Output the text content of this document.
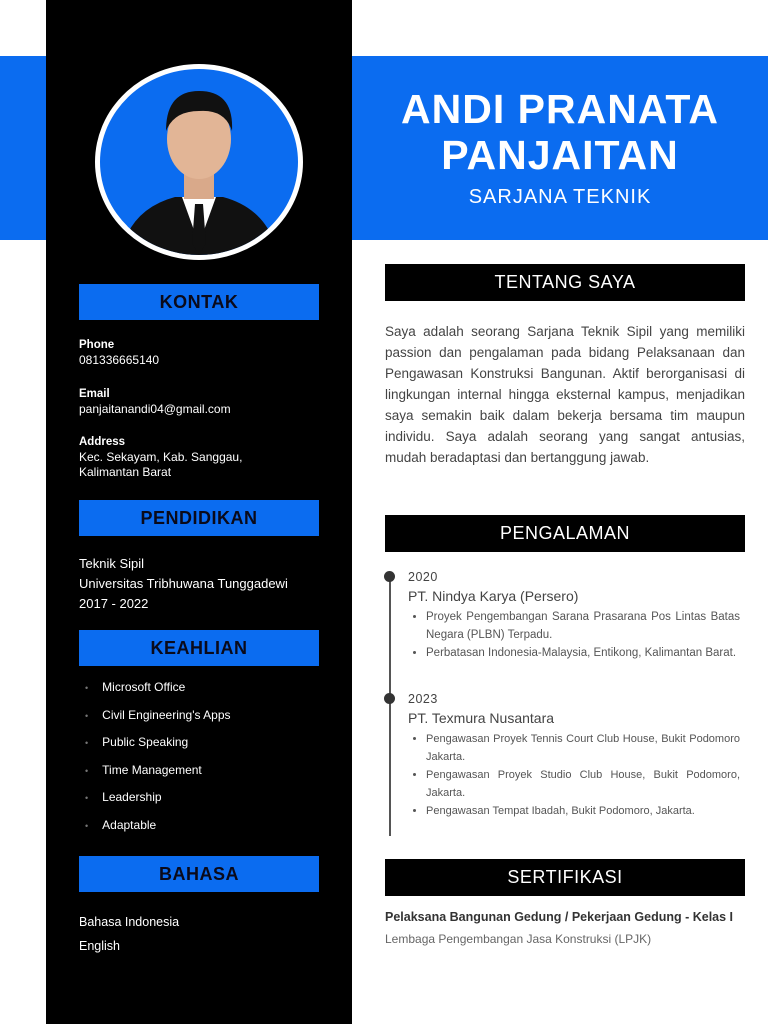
ANDI PRANATA
PANJAITAN
SARJANA TEKNIK
KONTAK
Phone
081336665140
Email
panjaitanandi04@gmail.com
Address
Kec. Sekayam, Kab. Sanggau,
Kalimantan Barat
PENDIDIKAN
Teknik Sipil
Universitas Tribhuwana Tunggadewi
2017 - 2022
KEAHLIAN
• Microsoft Office
• Civil Engineering's Apps
• Public Speaking
• Time Management
• Leadership
• Adaptable
BAHASA
Bahasa Indonesia
English
TENTANG SAYA

Saya adalah seorang Sarjana Teknik Sipil yang memiliki passion dan pengalaman pada bidang Pelaksanaan dan Pengawasan Konstruksi Bangunan. Aktif berorganisasi di lingkungan internal hingga eksternal kampus, menjadikan saya semakin baik dalam bekerja bersama tim maupun individu. Saya adalah seorang yang sangat antusias, mudah beradaptasi dan bertanggung jawab.

PENGALAMAN
2020
PT. Nindya Karya (Persero)
• Proyek Pengembangan Sarana Prasarana Pos Lintas Batas Negara (PLBN) Terpadu.
• Perbatasan Indonesia-Malaysia, Entikong, Kalimantan Barat.
2023
PT. Texmura Nusantara
• Pengawasan Proyek Tennis Court Club House, Bukit Podomoro Jakarta.
• Pengawasan Proyek Studio Club House, Bukit Podomoro, Jakarta.
• Pengawasan Tempat Ibadah, Bukit Podomoro, Jakarta.
SERTIFIKASI
Pelaksana Bangunan Gedung / Pekerjaan Gedung - Kelas I
Lembaga Pengembangan Jasa Konstruksi (LPJK)
